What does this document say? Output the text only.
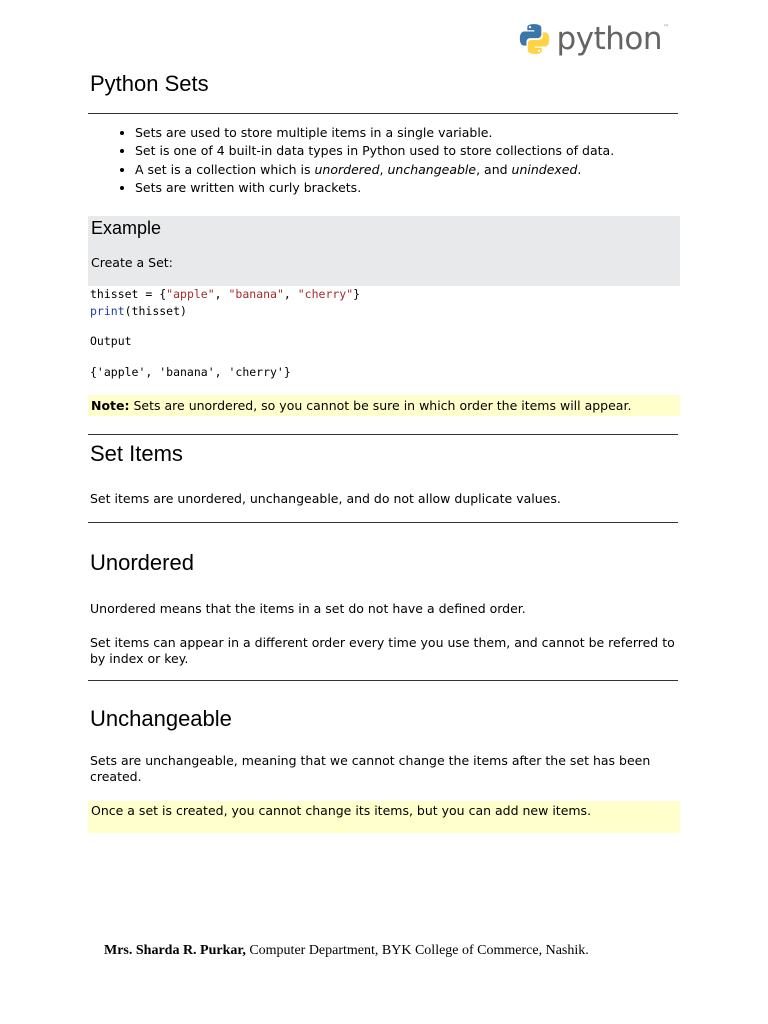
python ™
Python Sets
• Sets are used to store multiple items in a single variable.
• Set is one of 4 built-in data types in Python used to store collections of data.
• A set is a collection which is unordered, unchangeable, and unindexed.
• Sets are written with curly brackets.
Example
Create a Set:
thisset = {"apple", "banana", "cherry"}
print(thisset)
Output
{'apple', 'banana', 'cherry'}
Note: Sets are unordered, so you cannot be sure in which order the items will appear.
Set Items
Set items are unordered, unchangeable, and do not allow duplicate values.
Unordered
Unordered means that the items in a set do not have a defined order.
Set items can appear in a different order every time you use them, and cannot be referred to by index or key.
Unchangeable
Sets are unchangeable, meaning that we cannot change the items after the set has been created.
Once a set is created, you cannot change its items, but you can add new items.
Mrs. Sharda R. Purkar, Computer Department, BYK College of Commerce, Nashik.
